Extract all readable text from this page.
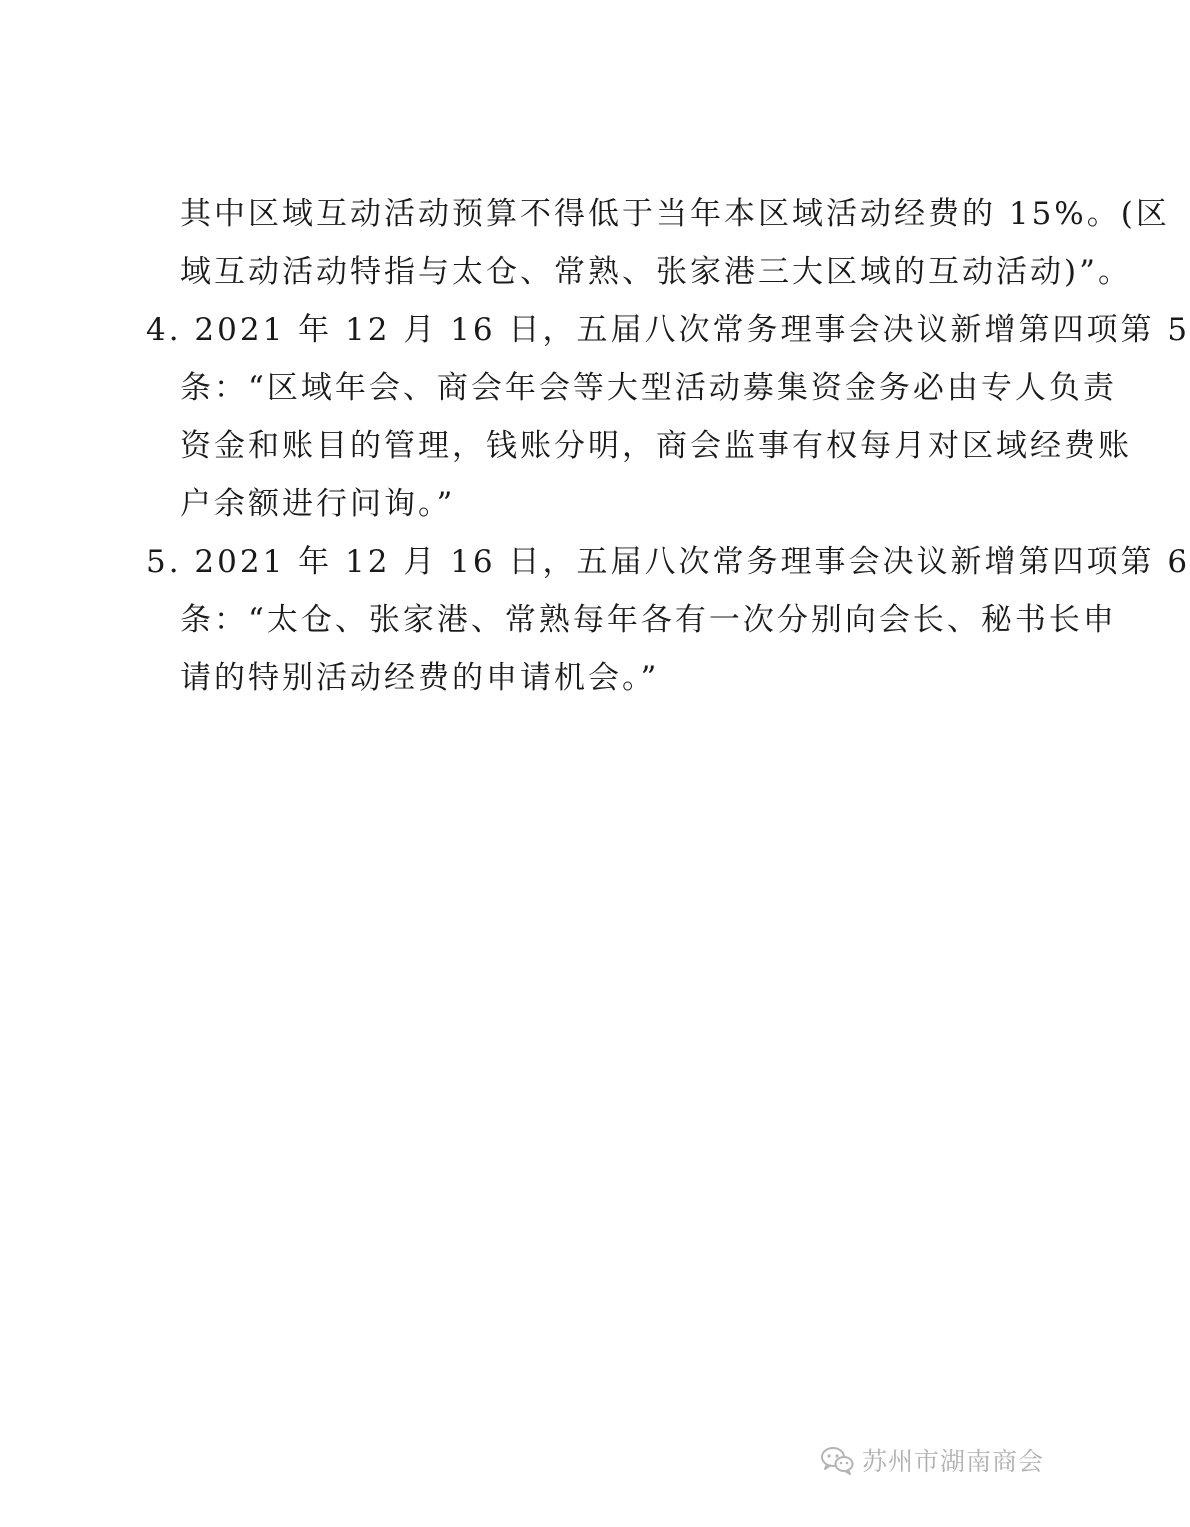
其中区域互动活动预算不得低于当年本区域活动经费的 15%。(区
域互动活动特指与太仓、常熟、张家港三大区域的互动活动)”。
4. 2021 年 12 月 16 日，五届八次常务理事会决议新增第四项第 5
条：“区域年会、商会年会等大型活动募集资金务必由专人负责
资金和账目的管理，钱账分明，商会监事有权每月对区域经费账
户余额进行问询。”
5. 2021 年 12 月 16 日，五届八次常务理事会决议新增第四项第 6
条：“太仓、张家港、常熟每年各有一次分别向会长、秘书长申
请的特别活动经费的申请机会。”
苏州市湖南商会
